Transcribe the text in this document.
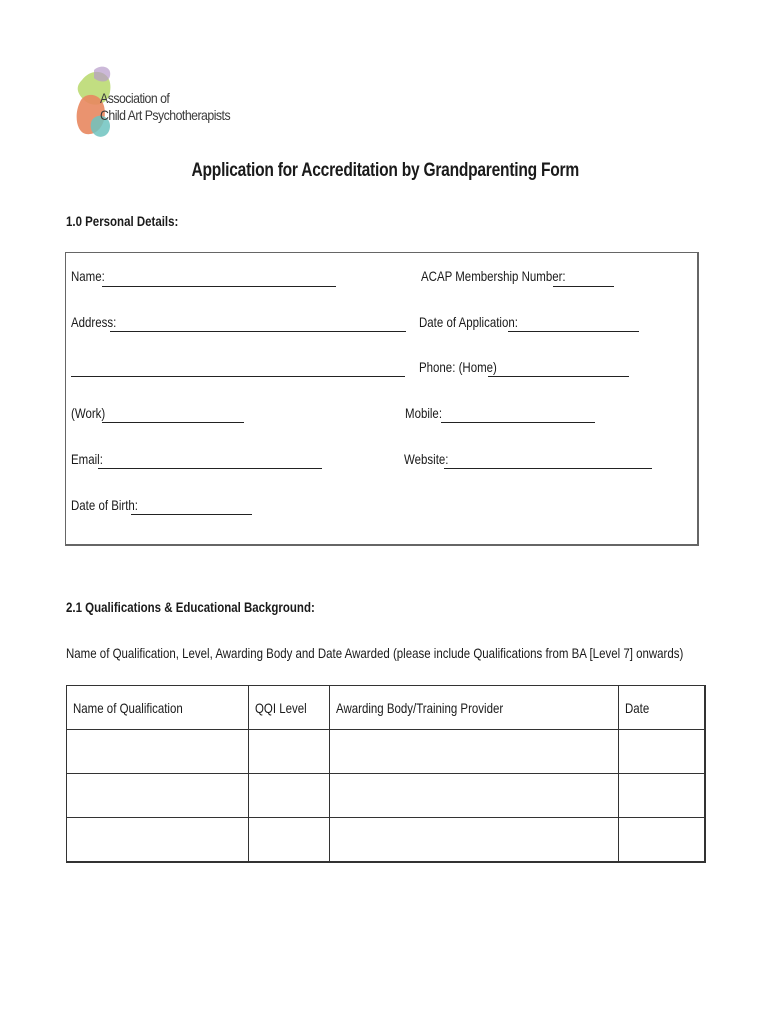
Association of
Child Art Psychotherapists
Application for Accreditation by Grandparenting Form
1.0 Personal Details:
Name:	ACAP Membership Number:
Address:	Date of Application:
Phone: (Home)
(Work)	Mobile:
Email:	Website:
Date of Birth:
2.1 Qualifications & Educational Background:
Name of Qualification, Level, Awarding Body and Date Awarded (please include Qualifications from BA [Level 7] onwards)
Name of Qualification	QQI Level	Awarding Body/Training Provider	Date
